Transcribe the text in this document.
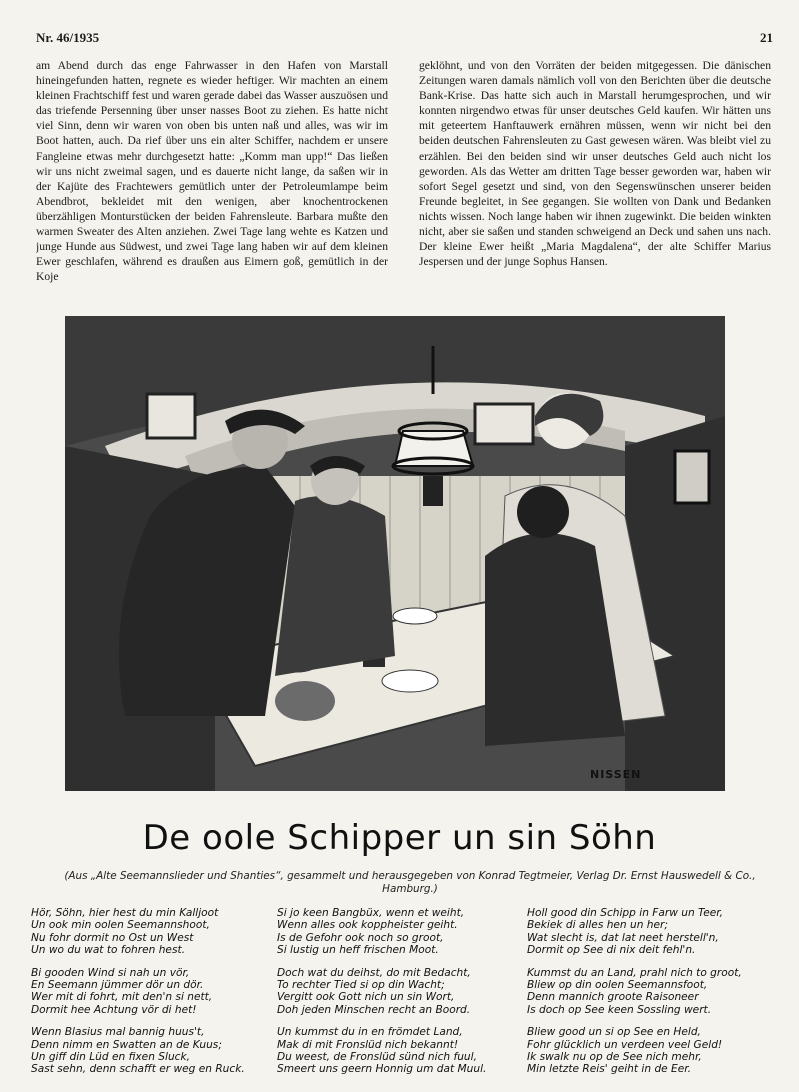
Nr. 46/1935	21
am Abend durch das enge Fahrwasser in den Hafen von Marstall hineingefunden hatten, regnete es wieder heftiger. Wir machten an einem kleinen Frachtschiff fest und waren gerade dabei das Wasser auszuösen und das triefende Persenning über unser nasses Boot zu ziehen. Es hatte nicht viel Sinn, denn wir waren von oben bis unten naß und alles, was wir im Boot hatten, auch. Da rief über uns ein alter Schiffer, nachdem er unsere Fangleine etwas mehr durchgesetzt hatte: „Komm man upp!“ Das ließen wir uns nicht zweimal sagen, und es dauerte nicht lange, da saßen wir in der Kajüte des Frachtewers gemütlich unter der Petroleumlampe beim Abendbrot, bekleidet mit den wenigen, aber knochentrockenen überzähligen Monturstücken der beiden Fahrensleute. Barbara mußte den warmen Sweater des Alten anziehen. Zwei Tage lang wehte es Katzen und junge Hunde aus Südwest, und zwei Tage lang haben wir auf dem kleinen Ewer geschlafen, während es draußen aus Eimern goß, gemütlich in der Koje
geklöhnt, und von den Vorräten der beiden mitgegessen. Die dänischen Zeitungen waren damals nämlich voll von den Berichten über die deutsche Bank-Krise. Das hatte sich auch in Marstall herumgesprochen, und wir konnten nirgendwo etwas für unser deutsches Geld kaufen. Wir hätten uns mit geteertem Hanftauwerk ernähren müssen, wenn wir nicht bei den beiden deutschen Fahrensleuten zu Gast gewesen wären. Was bleibt viel zu erzählen. Bei den beiden sind wir unser deutsches Geld auch nicht los geworden. Als das Wetter am dritten Tage besser geworden war, haben wir sofort Segel gesetzt und sind, von den Segenswünschen unserer beiden Freunde begleitet, in See gegangen. Sie wollten von Dank und Bedanken nichts wissen. Noch lange haben wir ihnen zugewinkt. Die beiden winkten nicht, aber sie saßen und standen schweigend an Deck und sahen uns nach. Der kleine Ewer heißt „Maria Magdalena“, der alte Schiffer Marius Jespersen und der junge Sophus Hansen.
NISSEN
De oole Schipper un sin Söhn
(Aus „Alte Seemannslieder und Shanties“, gesammelt und herausgegeben von Konrad Tegtmeier, Verlag Dr. Ernst Hauswedell & Co., Hamburg.)
Hör, Söhn, hier hest du min Kalljoot
Un ook min oolen Seemannshoot,
Nu fohr dormit no Ost un West
Un wo du wat to fohren hest.
Bi gooden Wind si nah un vör,
En Seemann jümmer dör un dör.
Wer mit di fohrt, mit den'n si nett,
Dormit hee Achtung vör di het!
Wenn Blasius mal bannig huus't,
Denn nimm en Swatten an de Kuus;
Un giff din Lüd en fixen Sluck,
Sast sehn, denn schafft er weg en Ruck.
Si jo keen Bangbüx, wenn et weiht,
Wenn alles ook koppheister geiht.
Is de Gefohr ook noch so groot,
Si lustig un heff frischen Moot.
Doch wat du deihst, do mit Bedacht,
To rechter Tied si op din Wacht;
Vergitt ook Gott nich un sin Wort,
Doh jeden Minschen recht an Boord.
Un kummst du in en frömdet Land,
Mak di mit Fronslüd nich bekannt!
Du weest, de Fronslüd sünd nich fuul,
Smeert uns geern Honnig um dat Muul.
Holl good din Schipp in Farw un Teer,
Bekiek di alles hen un her;
Wat slecht is, dat lat neet herstell'n,
Dormit op See di nix deit fehl'n.
Kummst du an Land, prahl nich to groot,
Bliew op din oolen Seemannsfoot,
Denn mannich groote Raisoneer
Is doch op See keen Sossling wert.
Bliew good un si op See en Held,
Fohr glücklich un verdeen veel Geld!
Ik swalk nu op de See nich mehr,
Min letzte Reis' geiht in de Eer.
